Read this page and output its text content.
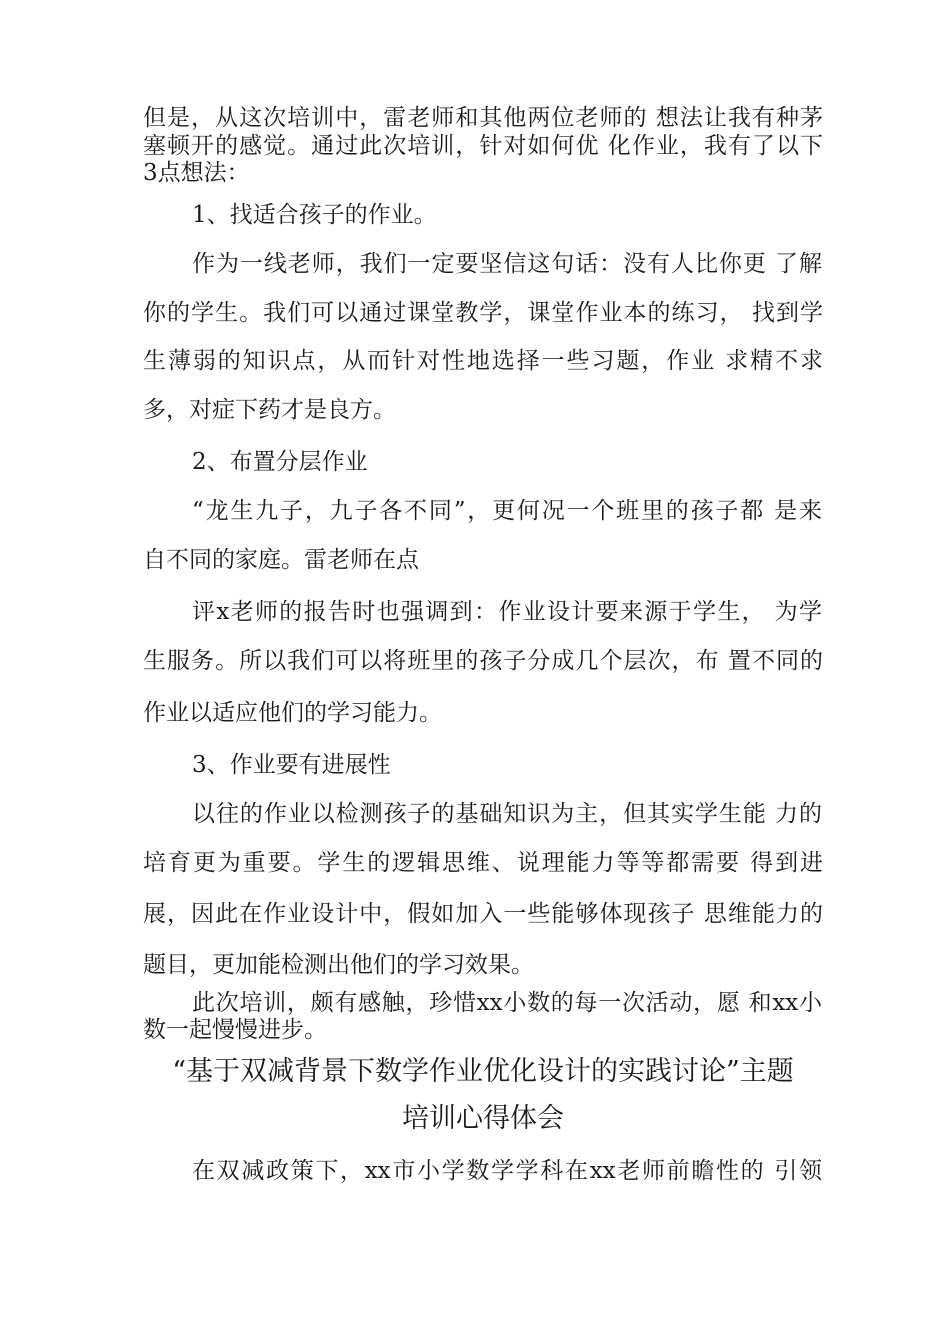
但是，从这次培训中，雷老师和其他两位老师的 想法让我有种茅
塞顿开的感觉。通过此次培训，针对如何优 化作业，我有了以下
3点想法：
1、找适合孩子的作业。
作为一线老师，我们一定要坚信这句话：没有人比你更 了解
你的学生。我们可以通过课堂教学，课堂作业本的练习， 找到学
生薄弱的知识点，从而针对性地选择一些习题，作业 求精不求
多，对症下药才是良方。
2、布置分层作业
“龙生九子，九子各不同”，更何况一个班里的孩子都 是来
自不同的家庭。雷老师在点
评x老师的报告时也强调到：作业设计要来源于学生， 为学
生服务。所以我们可以将班里的孩子分成几个层次，布 置不同的
作业以适应他们的学习能力。
3、作业要有进展性
以往的作业以检测孩子的基础知识为主，但其实学生能 力的
培育更为重要。学生的逻辑思维、说理能力等等都需要 得到进
展，因此在作业设计中，假如加入一些能够体现孩子 思维能力的
题目，更加能检测出他们的学习效果。
此次培训，颇有感触，珍惜xx小数的每一次活动，愿 和xx小
数一起慢慢进步。
“基于双减背景下数学作业优化设计的实践讨论”主题
培训心得体会
在双减政策下，xx市小学数学学科在xx老师前瞻性的 引领
